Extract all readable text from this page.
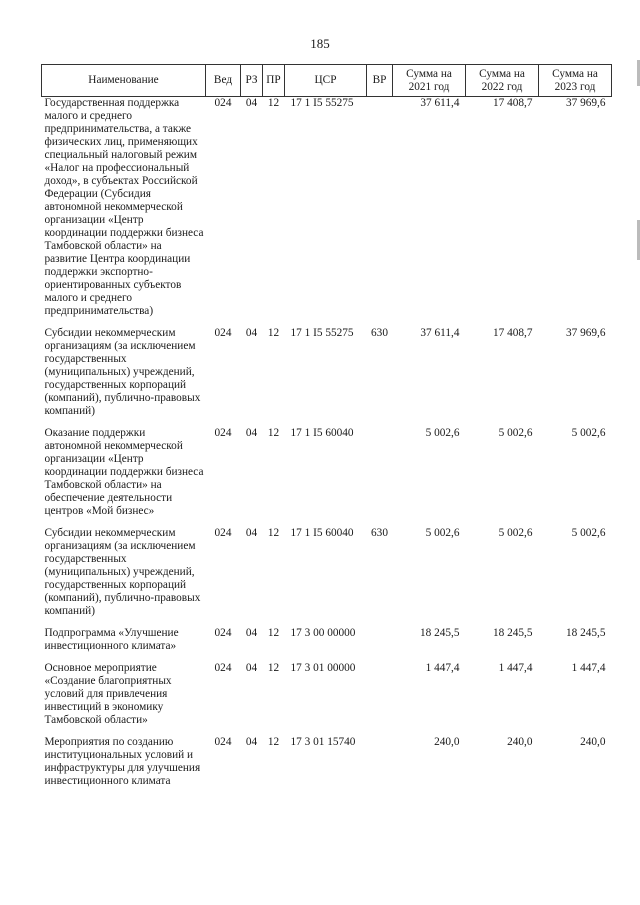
185
Наименование	Вед	РЗ	ПР	ЦСР	ВР	Сумма на 2021 год	Сумма на 2022 год	Сумма на 2023 год
Государственная поддержка малого и среднего предпринимательства, а также физических лиц, применяющих специальный налоговый режим «Налог на профессиональный доход», в субъектах Российской Федерации (Субсидия автономной некоммерческой организации «Центр координации поддержки бизнеса Тамбовской области» на развитие Центра координации поддержки экспортно-ориентированных субъектов малого и среднего предпринимательства)	024	04	12	17 1 I5 55275		37 611,4	17 408,7	37 969,6
Субсидии некоммерческим организациям (за исключением государственных (муниципальных) учреждений, государственных корпораций (компаний), публично-правовых компаний)	024	04	12	17 1 I5 55275	630	37 611,4	17 408,7	37 969,6
Оказание поддержки автономной некоммерческой организации «Центр координации поддержки бизнеса Тамбовской области» на обеспечение деятельности центров «Мой бизнес»	024	04	12	17 1 I5 60040		5 002,6	5 002,6	5 002,6
Субсидии некоммерческим организациям (за исключением государственных (муниципальных) учреждений, государственных корпораций (компаний), публично-правовых компаний)	024	04	12	17 1 I5 60040	630	5 002,6	5 002,6	5 002,6
Подпрограмма «Улучшение инвестиционного климата»	024	04	12	17 3 00 00000		18 245,5	18 245,5	18 245,5
Основное мероприятие «Создание благоприятных условий для привлечения инвестиций в экономику Тамбовской области»	024	04	12	17 3 01 00000		1 447,4	1 447,4	1 447,4
Мероприятия по созданию институциональных условий и инфраструктуры для улучшения инвестиционного климата	024	04	12	17 3 01 15740		240,0	240,0	240,0
